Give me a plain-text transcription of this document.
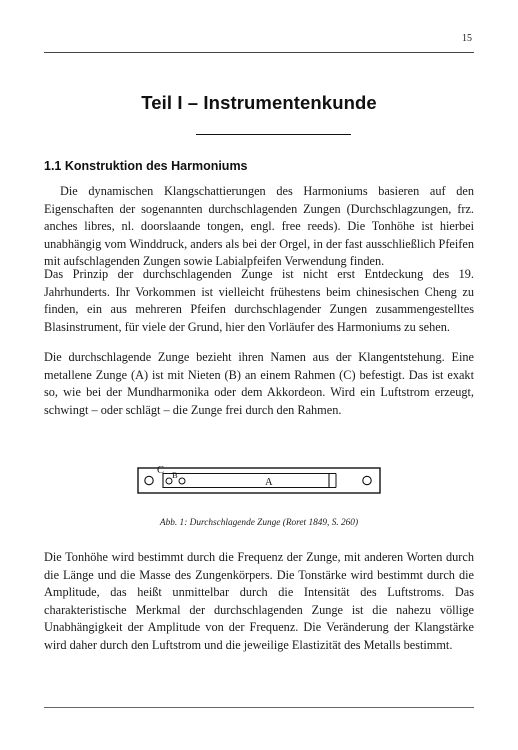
15
Teil I – Instrumentenkunde
1.1 Konstruktion des Harmoniums

Die dynamischen Klangschattierungen des Harmoniums basieren auf den Eigenschaften der sogenannten durchschlagenden Zungen (Durchschlagzungen, frz. anches libres, nl. doorslaande tongen, engl. free reeds). Die Tonhöhe ist hierbei unabhängig vom Winddruck, anders als bei der Orgel, in der fast ausschließlich Pfeifen mit aufschlagenden Zungen sowie Labialpfeifen Verwendung finden.

Das Prinzip der durchschlagenden Zunge ist nicht erst Entdeckung des 19. Jahrhunderts. Ihr Vorkommen ist vielleicht frühestens beim chinesischen Cheng zu finden, ein aus mehreren Pfeifen durchschlagender Zungen zusammengestelltes Blasinstrument, für viele der Grund, hier den Vorläufer des Harmoniums zu sehen.

Die durchschlagende Zunge bezieht ihren Namen aus der Klangentstehung. Eine metallene Zunge (A) ist mit Nieten (B) an einem Rahmen (C) befestigt. Das ist exakt so, wie bei der Mundharmonika oder dem Akkordeon. Wird ein Luftstrom erzeugt, schwingt – oder schlägt – die Zunge frei durch den Rahmen.

C B
A
Abb. 1: Durchschlagende Zunge (Roret 1849, S. 260)

Die Tonhöhe wird bestimmt durch die Frequenz der Zunge, mit anderen Worten durch die Länge und die Masse des Zungenkörpers. Die Tonstärke wird bestimmt durch die Amplitude, das heißt unmittelbar durch die Intensität des Luftstroms. Das charakteristische Merkmal der durchschlagenden Zunge ist die nahezu völlige Unabhängigkeit der Amplitude von der Frequenz. Die Veränderung der Klangstärke wird daher durch den Luftstrom und die jeweilige Elastizität des Metalls bestimmt.
